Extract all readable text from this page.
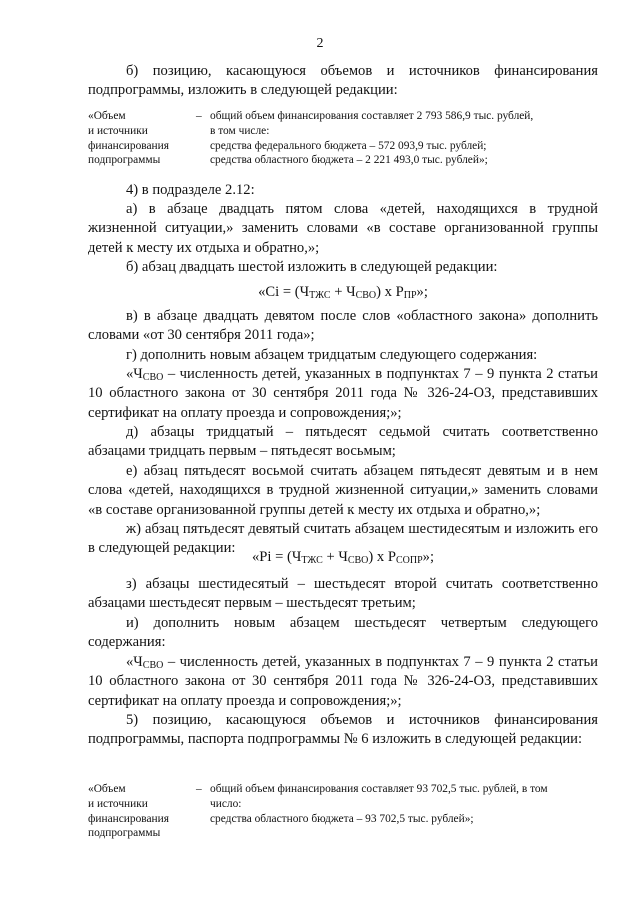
2

б) позицию, касающуюся объемов и источников финансирования подпрограммы, изложить в следующей редакции:

«Объем
и источники
финансирования
подпрограммы
– общий объем финансирования составляет 2 793 586,9 тыс. рублей,
в том числе:
средства федерального бюджета – 572 093,9 тыс. рублей;
средства областного бюджета – 2 221 493,0 тыс. рублей»;

4) в подразделе 2.12:

а) в абзаце двадцать пятом слова «детей, находящихся в трудной жизненной ситуации,» заменить словами «в составе организованной группы детей к месту их отдыха и обратно,»;

б) абзац двадцать шестой изложить в следующей редакции:

«$Ci = (Ч_{ТЖС} + Ч_{СВО})$ х $Р_{ПР}$»;

в) в абзаце двадцать девятом после слов «областного закона» дополнить словами «от 30 сентября 2011 года»;

г) дополнить новым абзацем тридцатым следующего содержания:

«$Ч_{СВО}$ – численность детей, указанных в подпунктах 7 – 9 пункта 2 статьи 10 областного закона от 30 сентября 2011 года № 326-24-ОЗ, представивших сертификат на оплату проезда и сопровождения;»;

д) абзацы тридцатый – пятьдесят седьмой считать соответственно абзацами тридцать первым – пятьдесят восьмым;

е) абзац пятьдесят восьмой считать абзацем пятьдесят девятым и в нем слова «детей, находящихся в трудной жизненной ситуации,» заменить словами «в составе организованной группы детей к месту их отдыха и обратно,»;

ж) абзац пятьдесят девятый считать абзацем шестидесятым и изложить его в следующей редакции:

«$Pi = (Ч_{ТЖС} + Ч_{СВО})$ х $Р_{СОПР}$»;

з) абзацы шестидесятый – шестьдесят второй считать соответственно абзацами шестьдесят первым – шестьдесят третьим;

и) дополнить новым абзацем шестьдесят четвертым следующего содержания:

«$Ч_{СВО}$ – численность детей, указанных в подпунктах 7 – 9 пункта 2 статьи 10 областного закона от 30 сентября 2011 года № 326-24-ОЗ, представивших сертификат на оплату проезда и сопровождения;»;

5) позицию, касающуюся объемов и источников финансирования подпрограммы, паспорта подпрограммы № 6 изложить в следующей редакции:

«Объем
и источники
финансирования
подпрограммы
– общий объем финансирования составляет 93 702,5 тыс. рублей, в том
число:
средства областного бюджета – 93 702,5 тыс. рублей»;
